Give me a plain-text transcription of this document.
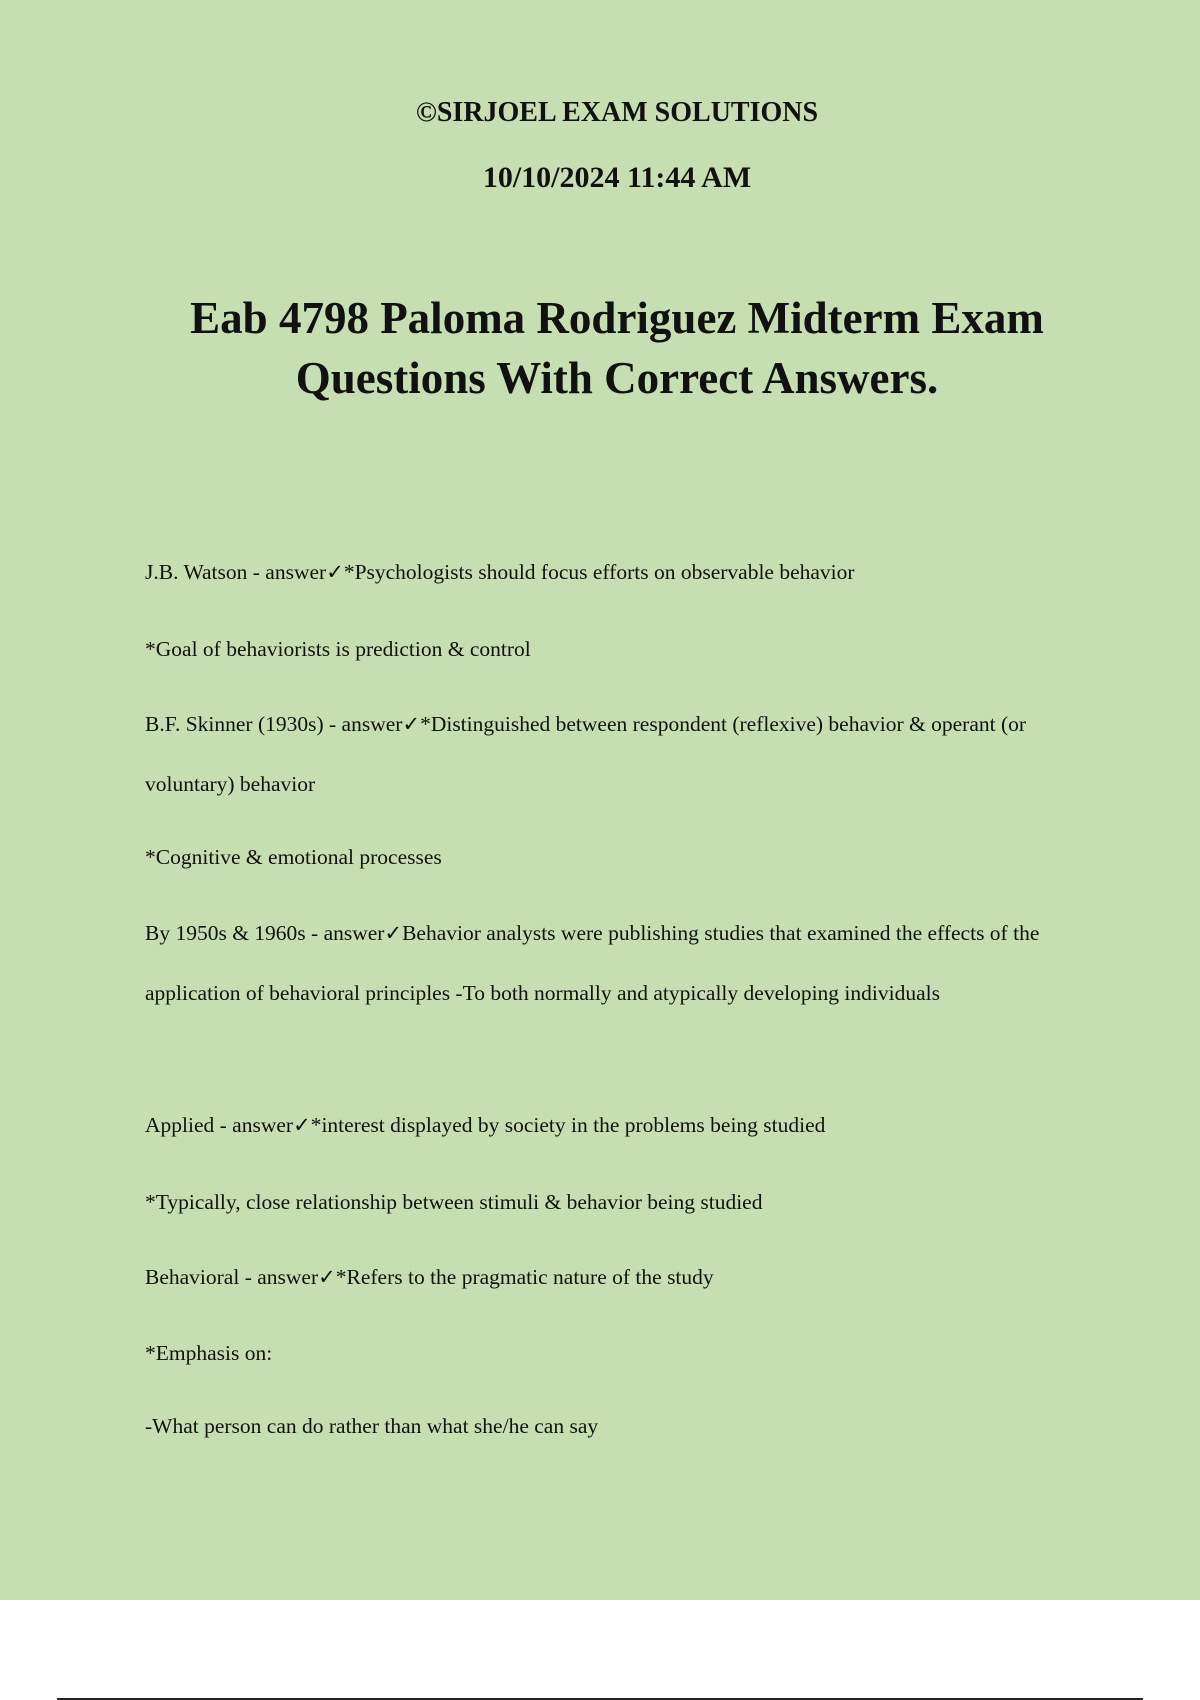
©SIRJOEL EXAM SOLUTIONS
10/10/2024 11:44 AM
Eab 4798 Paloma Rodriguez Midterm Exam Questions With Correct Answers.
J.B. Watson - answer✓*Psychologists should focus efforts on observable behavior
*Goal of behaviorists is prediction & control
B.F. Skinner (1930s) - answer✓*Distinguished between respondent (reflexive) behavior & operant (or voluntary) behavior
*Cognitive & emotional processes
By 1950s & 1960s - answer✓Behavior analysts were publishing studies that examined the effects of the application of behavioral principles -To both normally and atypically developing individuals
Applied - answer✓*interest displayed by society in the problems being studied
*Typically, close relationship between stimuli & behavior being studied
Behavioral - answer✓*Refers to the pragmatic nature of the study
*Emphasis on:
-What person can do rather than what she/he can say
